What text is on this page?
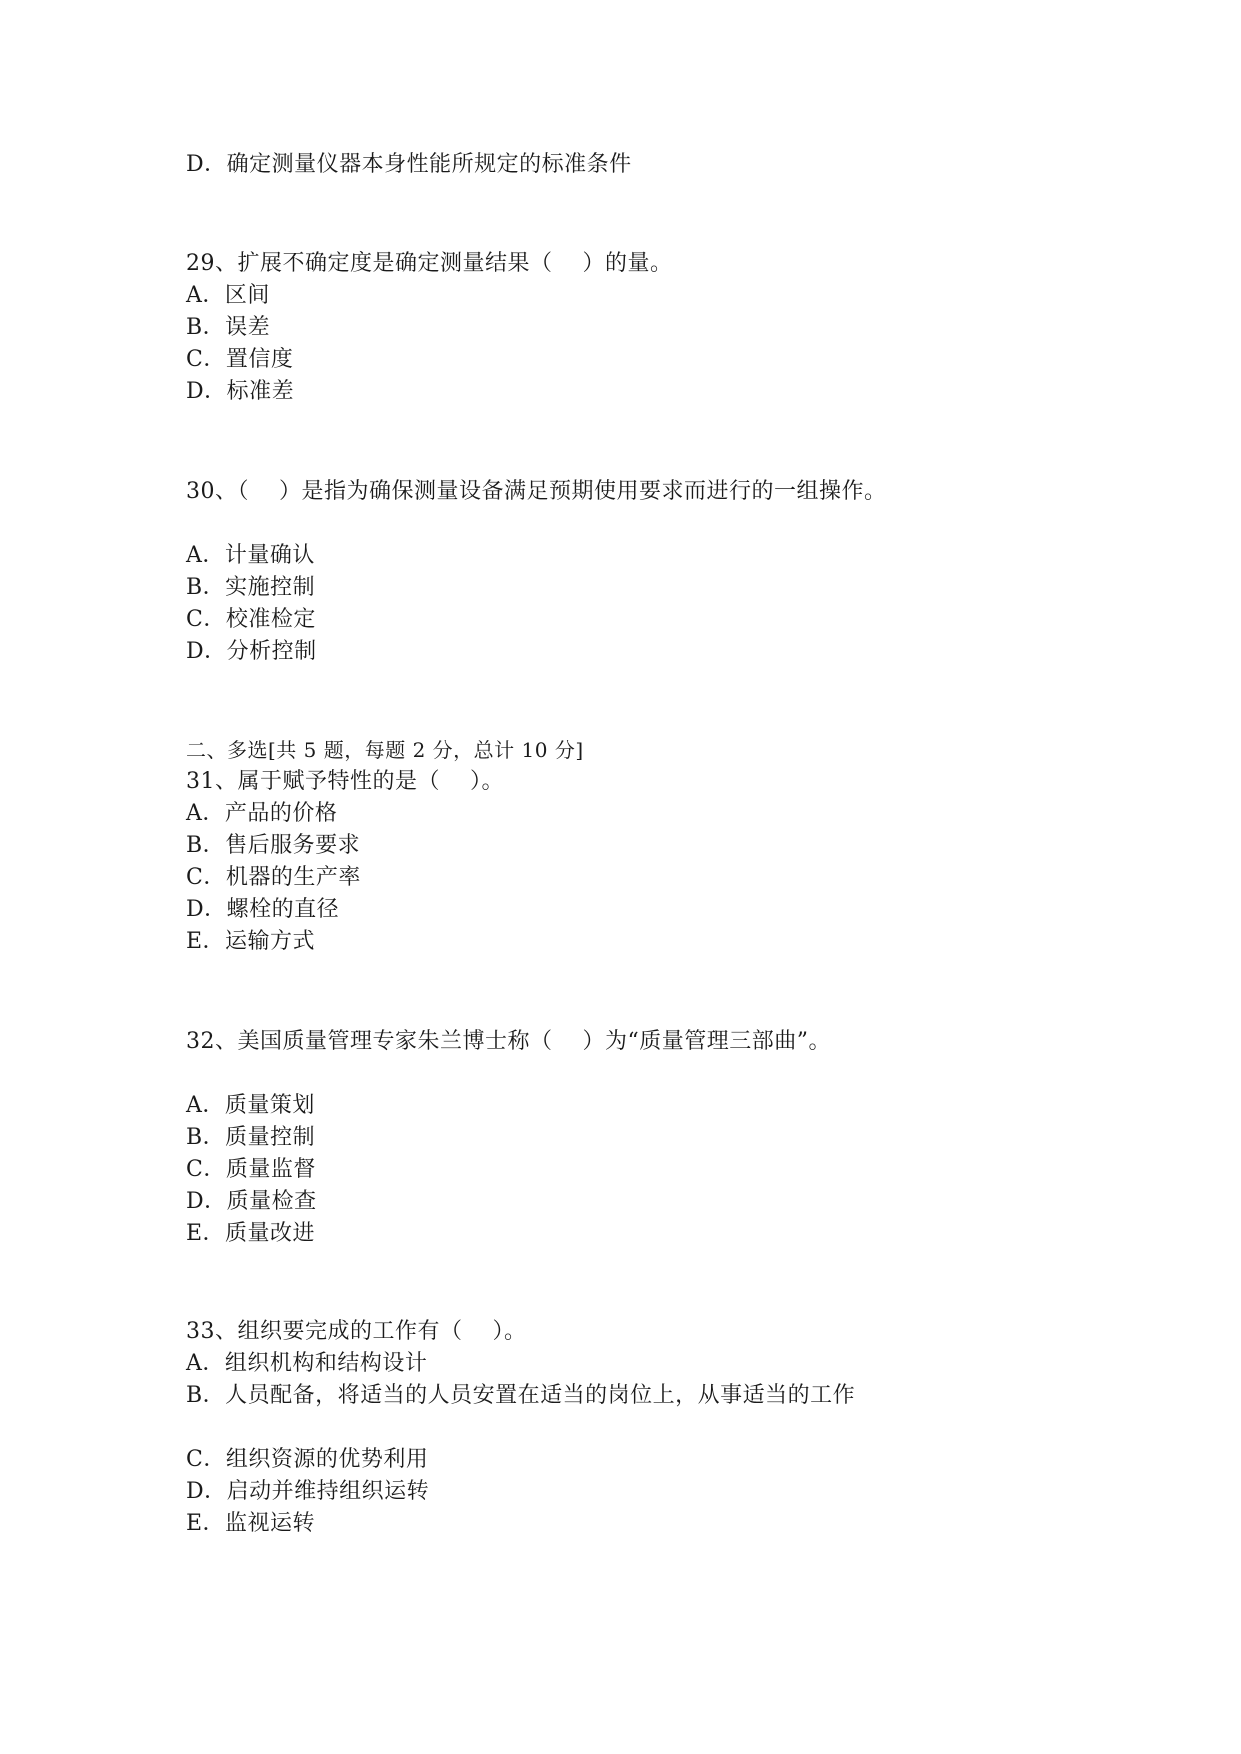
D．确定测量仪器本身性能所规定的标准条件
29、扩展不确定度是确定测量结果（　 ）的量。
A．区间
B．误差
C．置信度
D．标准差
30、（　 ）是指为确保测量设备满足预期使用要求而进行的一组操作。
A．计量确认
B．实施控制
C．校准检定
D．分析控制
二、多选[共 5 题，每题 2 分，总计 10 分]
31、属于赋予特性的是（　 ）。
A．产品的价格
B．售后服务要求
C．机器的生产率
D．螺栓的直径
E．运输方式
32、美国质量管理专家朱兰博士称（　 ）为“质量管理三部曲”。
A．质量策划
B．质量控制
C．质量监督
D．质量检查
E．质量改进
33、组织要完成的工作有（　 ）。
A．组织机构和结构设计
B．人员配备，将适当的人员安置在适当的岗位上，从事适当的工作
C．组织资源的优势利用
D．启动并维持组织运转
E．监视运转
